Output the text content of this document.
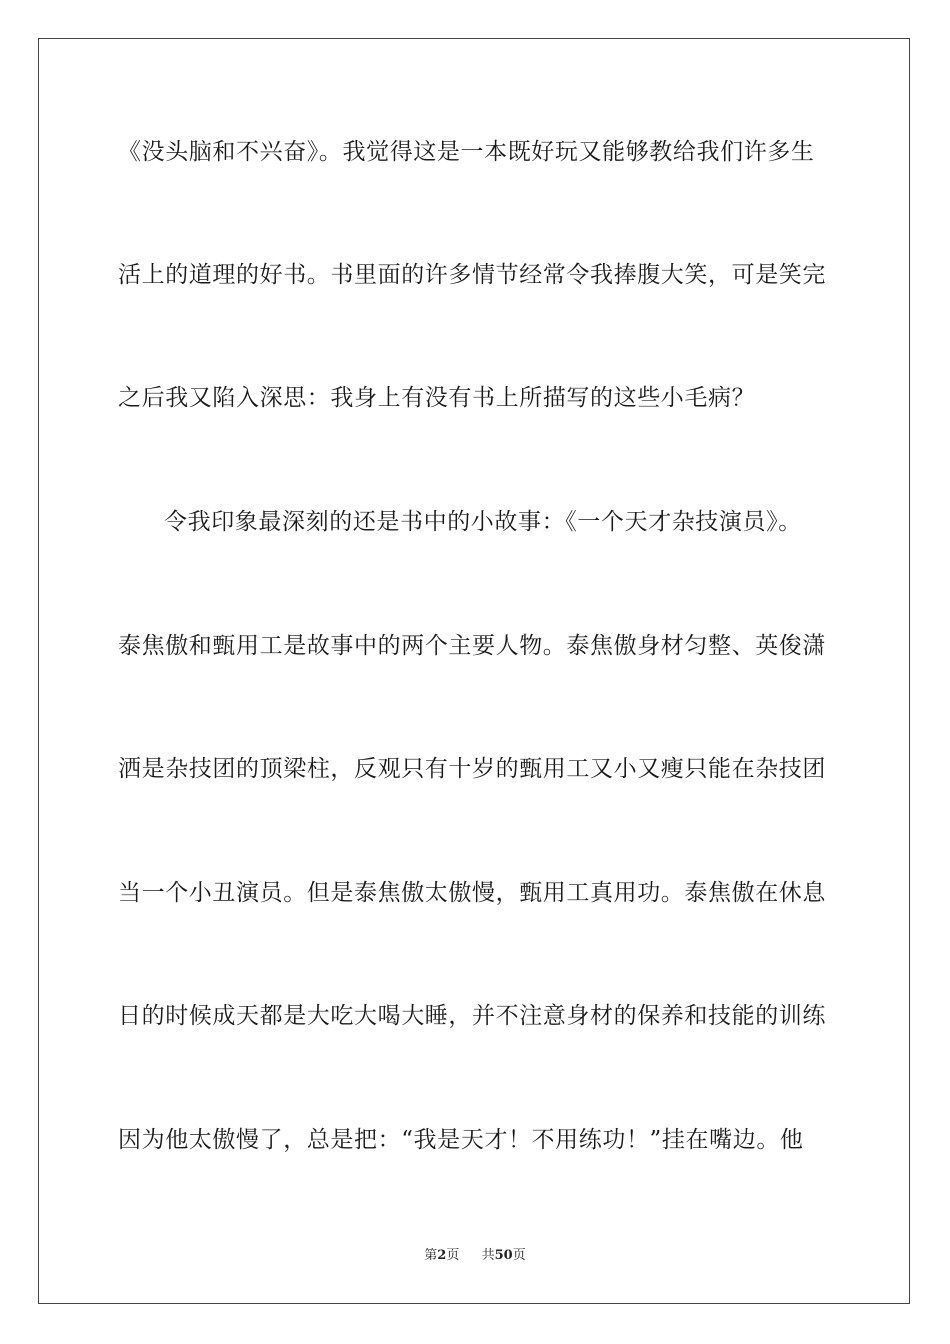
《没头脑和不兴奋》。我觉得这是一本既好玩又能够教给我们许多生
活上的道理的好书。书里面的许多情节经常令我捧腹大笑，可是笑完
之后我又陷入深思：我身上有没有书上所描写的这些小毛病？
令我印象最深刻的还是书中的小故事：《一个天才杂技演员》。
泰焦傲和甄用工是故事中的两个主要人物。泰焦傲身材匀整、英俊潇
洒是杂技团的顶梁柱，反观只有十岁的甄用工又小又瘦只能在杂技团
当一个小丑演员。但是泰焦傲太傲慢，甄用工真用功。泰焦傲在休息
日的时候成天都是大吃大喝大睡，并不注意身材的保养和技能的训练
因为他太傲慢了，总是把：“我是天才！不用练功！”挂在嘴边。他
第2页 共50页
